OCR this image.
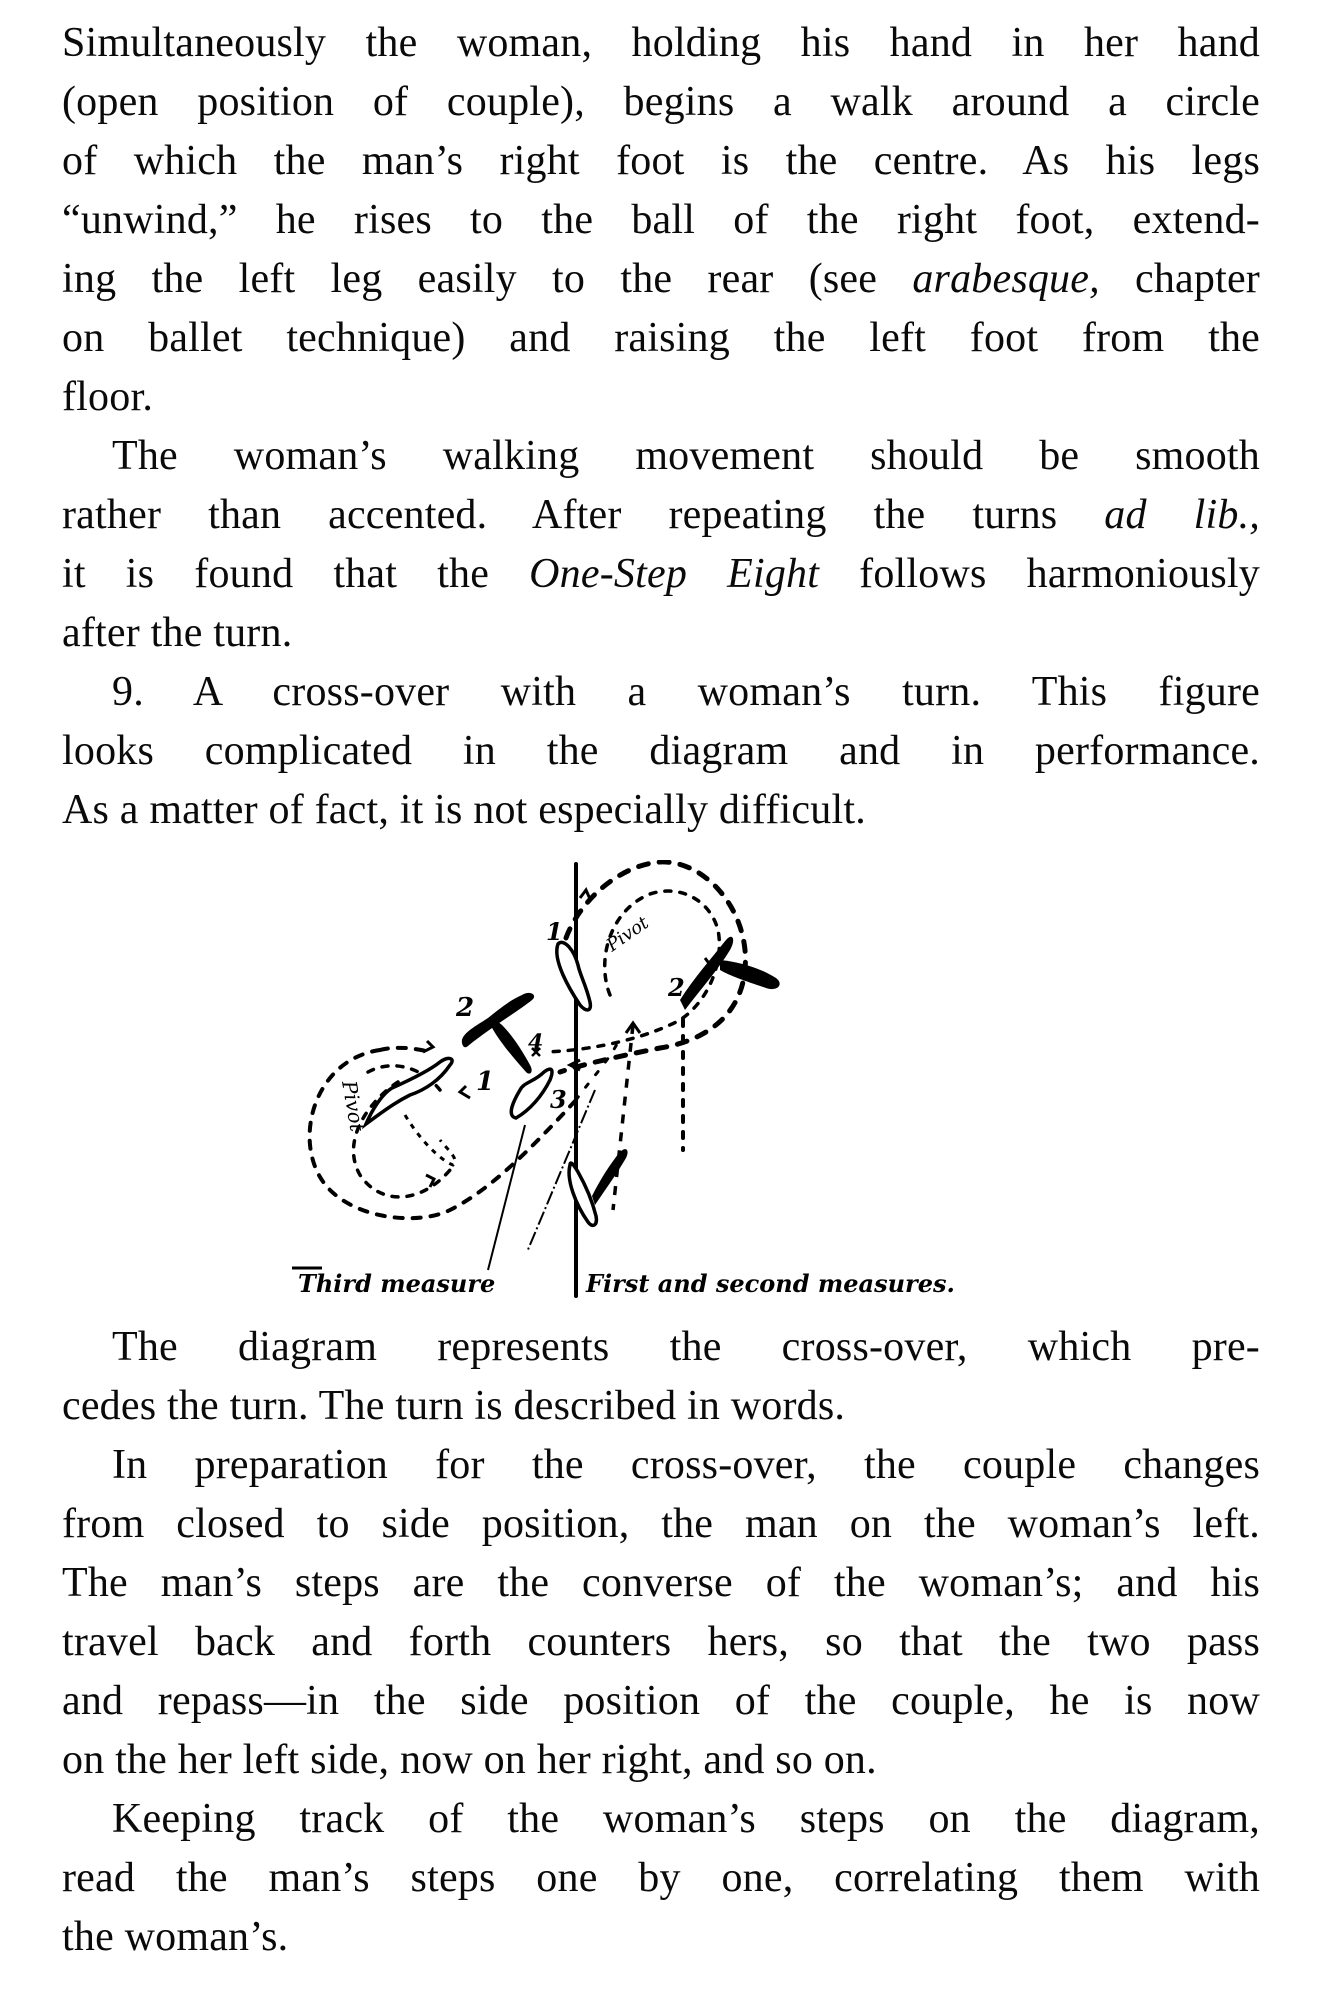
Simultaneously the woman, holding his hand in her hand
(open position of couple), begins a walk around a circle
of which the man’s right foot is the centre. As his legs
“unwind,” he rises to the ball of the right foot, extend-
ing the left leg easily to the rear (see arabesque, chapter
on ballet technique) and raising the left foot from the
floor.
The woman’s walking movement should be smooth
rather than accented. After repeating the turns ad lib.,
it is found that the One-Step Eight follows harmoniously
after the turn.
9. A cross-over with a woman’s turn. This figure
looks complicated in the diagram and in performance.
As a matter of fact, it is not especially difficult.
2
1
Pivot
1
2
3
4
Pivot
Third measure	First and second measures.
The diagram represents the cross-over, which pre-
cedes the turn. The turn is described in words.
In preparation for the cross-over, the couple changes
from closed to side position, the man on the woman’s left.
The man’s steps are the converse of the woman’s; and his
travel back and forth counters hers, so that the two pass
and repass—in the side position of the couple, he is now
on the her left side, now on her right, and so on.
Keeping track of the woman’s steps on the diagram,
read the man’s steps one by one, correlating them with
the woman’s.
